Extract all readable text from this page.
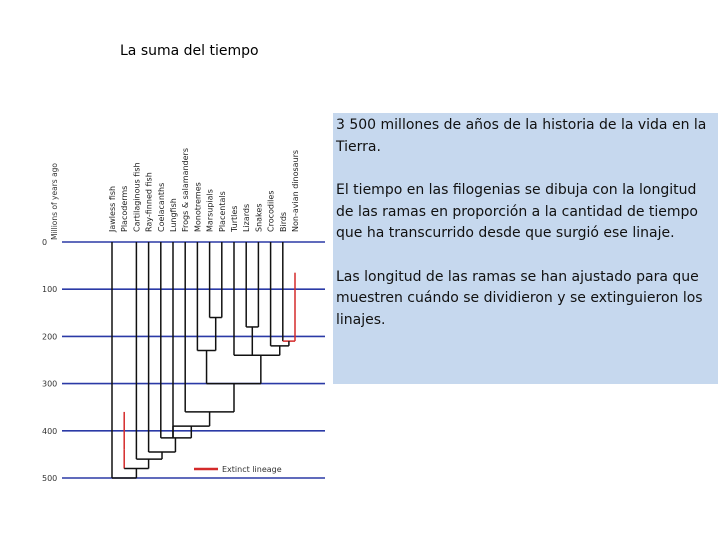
La suma del tiempo
0
100
200
300
400
500
Millions of years ago	Jawless fish Placoderms Cartilaginous fish Ray-finned fish Coelacanths Lungfish Frogs & salamanders Monotremes Marsupials Placentals Turtles Lizards Snakes Crocodiles Birds Non-avian dinosaurs
Extinct lineage

3 500 millones de años de la historia de la vida en la Tierra.

El tiempo en las filogenias se dibuja con la longitud de las ramas en proporción a la cantidad de tiempo que ha transcurrido desde que surgió ese linaje.

Las longitud de las ramas se han ajustado para que muestren cuándo se dividieron y se extinguieron los linajes.
